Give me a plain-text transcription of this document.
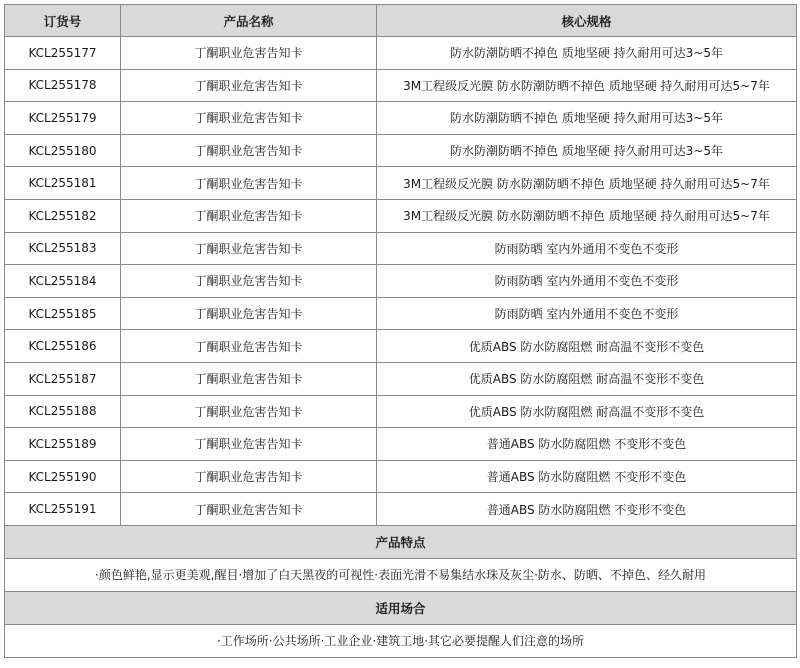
订货号	产品名称	核心规格
KCL255177	丁酮职业危害告知卡	防水防潮防晒不掉色 质地坚硬 持久耐用可达3~5年
KCL255178	丁酮职业危害告知卡	3M工程级反光膜 防水防潮防晒不掉色 质地坚硬 持久耐用可达5~7年
KCL255179	丁酮职业危害告知卡	防水防潮防晒不掉色 质地坚硬 持久耐用可达3~5年
KCL255180	丁酮职业危害告知卡	防水防潮防晒不掉色 质地坚硬 持久耐用可达3~5年
KCL255181	丁酮职业危害告知卡	3M工程级反光膜 防水防潮防晒不掉色 质地坚硬 持久耐用可达5~7年
KCL255182	丁酮职业危害告知卡	3M工程级反光膜 防水防潮防晒不掉色 质地坚硬 持久耐用可达5~7年
KCL255183	丁酮职业危害告知卡	防雨防晒 室内外通用不变色不变形
KCL255184	丁酮职业危害告知卡	防雨防晒 室内外通用不变色不变形
KCL255185	丁酮职业危害告知卡	防雨防晒 室内外通用不变色不变形
KCL255186	丁酮职业危害告知卡	优质ABS 防水防腐阻燃 耐高温不变形不变色
KCL255187	丁酮职业危害告知卡	优质ABS 防水防腐阻燃 耐高温不变形不变色
KCL255188	丁酮职业危害告知卡	优质ABS 防水防腐阻燃 耐高温不变形不变色
KCL255189	丁酮职业危害告知卡	普通ABS 防水防腐阻燃 不变形不变色
KCL255190	丁酮职业危害告知卡	普通ABS 防水防腐阻燃 不变形不变色
KCL255191	丁酮职业危害告知卡	普通ABS 防水防腐阻燃 不变形不变色
产品特点		
·颜色鲜艳,显示更美观,醒目·增加了白天黑夜的可视性·表面光滑不易集结水珠及灰尘·防水、防晒、不掉色、经久耐用		
适用场合		
·工作场所·公共场所·工业企业·建筑工地·其它必要提醒人们注意的场所		
